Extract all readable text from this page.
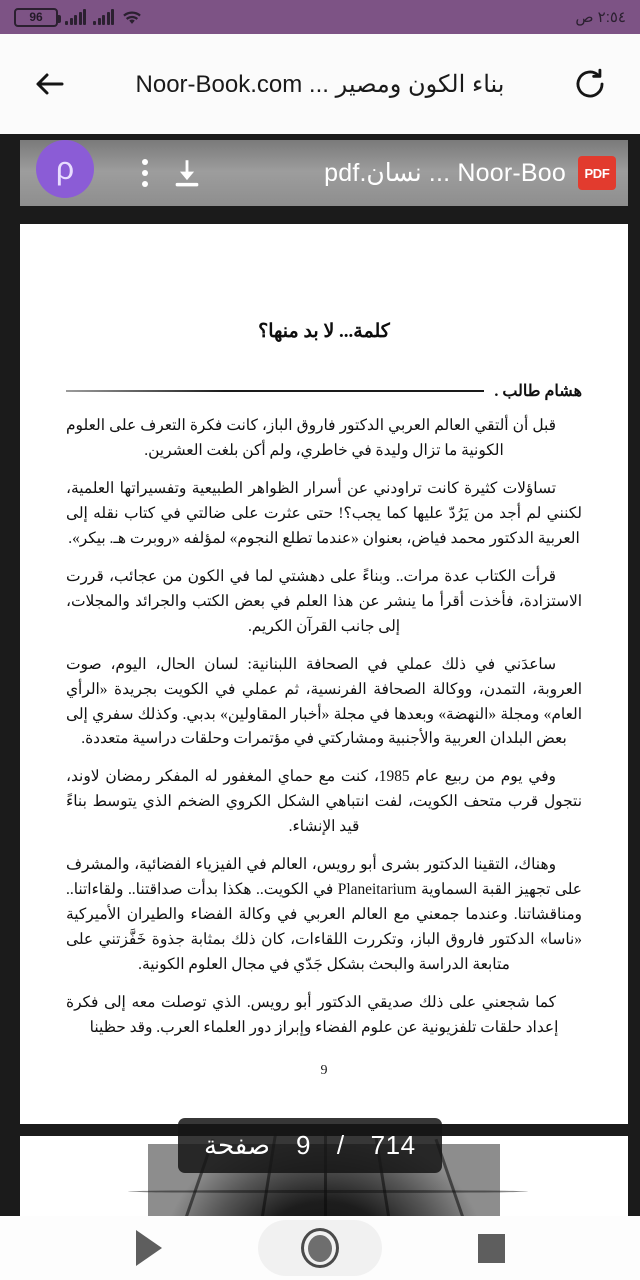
96	٢:٥٤ ص
بناء الكون ومصير ... Noor-Book.com
Noor-Boo ... نسان.pdf PDF
ρ
كلمة... لا بد منها؟
هشام طالب .

قبل أن ألتقي العالم العربي الدكتور فاروق الباز، كانت فكرة التعرف على العلوم الكونية ما تزال وليدة في خاطري، ولم أكن بلغت العشرين.

تساؤلات كثيرة كانت تراودني عن أسرار الظواهر الطبيعية وتفسيراتها العلمية، لكنني لم أجد من يَرُدّ عليها كما يجب؟! حتى عثرت على ضالتي في كتاب نقله إلى العربية الدكتور محمد فياض، بعنوان «عندما تطلع النجوم» لمؤلفه «روبرت هـ. بيكر».

قرأت الكتاب عدة مرات.. وبناءً على دهشتي لما في الكون من عجائب، قررت الاستزادة، فأخذت أقرأ ما ينشر عن هذا العلم في بعض الكتب والجرائد والمجلات، إلى جانب القرآن الكريم.

ساعدَني في ذلك عملي في الصحافة اللبنانية: لسان الحال، اليوم، صوت العروبة، التمدن، ووكالة الصحافة الفرنسية، ثم عملي في الكويت بجريدة «الرأي العام» ومجلة «النهضة» وبعدها في مجلة «أخبار المقاولين» بدبي. وكذلك سفري إلى بعض البلدان العربية والأجنبية ومشاركتي في مؤتمرات وحلقات دراسية متعددة.

وفي يوم من ربيع عام 1985، كنت مع حماي المغفور له المفكر رمضان لاوند، نتجول قرب متحف الكويت، لفت انتباهي الشكل الكروي الضخم الذي يتوسط بناءً قيد الإنشاء.

وهناك، التقينا الدكتور بشرى أبو رويس، العالم في الفيزياء الفضائية، والمشرف على تجهيز القبة السماوية Planeitarium في الكويت.. هكذا بدأت صداقتنا.. ولقاءاتنا.. ومناقشاتنا. وعندما جمعني مع العالم العربي في وكالة الفضاء والطيران الأميركية «ناسا» الدكتور فاروق الباز، وتكررت اللقاءات، كان ذلك بمثابة جذوة خَفَّزتني على متابعة الدراسة والبحث بشكل جَدّي في مجال العلوم الكونية.

كما شجعني على ذلك صديقي الدكتور أبو رويس. الذي توصلت معه إلى فكرة إعداد حلقات تلفزيونية عن علوم الفضاء وإبراز دور العلماء العرب. وقد حظينا

9
714
/
9
صفحة
